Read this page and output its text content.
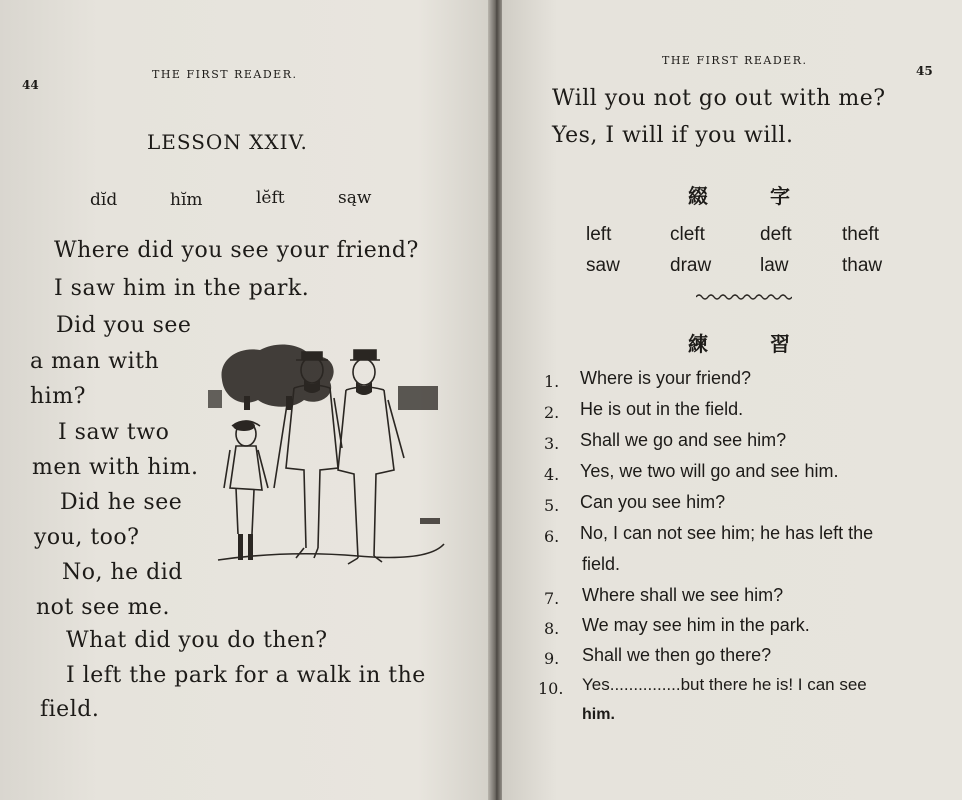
44
THE FIRST READER.
LESSON XXIV.
dĭd	hĭm	lĕft	sąw
Where did you see your friend?
I saw him in the park.
Did you see
a man with
him?
I saw two
men with him.
Did he see
you, too?
No, he did
not see me.
What did you do then?
I left the park for a walk in the
field.
THE FIRST READER.
45
Will you not go out with me?
Yes, I will if you will.
綴	字
left	cleft	deft	theft
saw	draw	law	thaw
練	習
1. Where is your friend?
2. He is out in the field.
3. Shall we go and see him?
4. Yes, we two will go and see him.
5. Can you see him?
6. No, I can not see him; he has left the
field.
7. Where shall we see him?
8. We may see him in the park.
9. Shall we then go there?
10. Yes...............but there he is! I can see
him.
